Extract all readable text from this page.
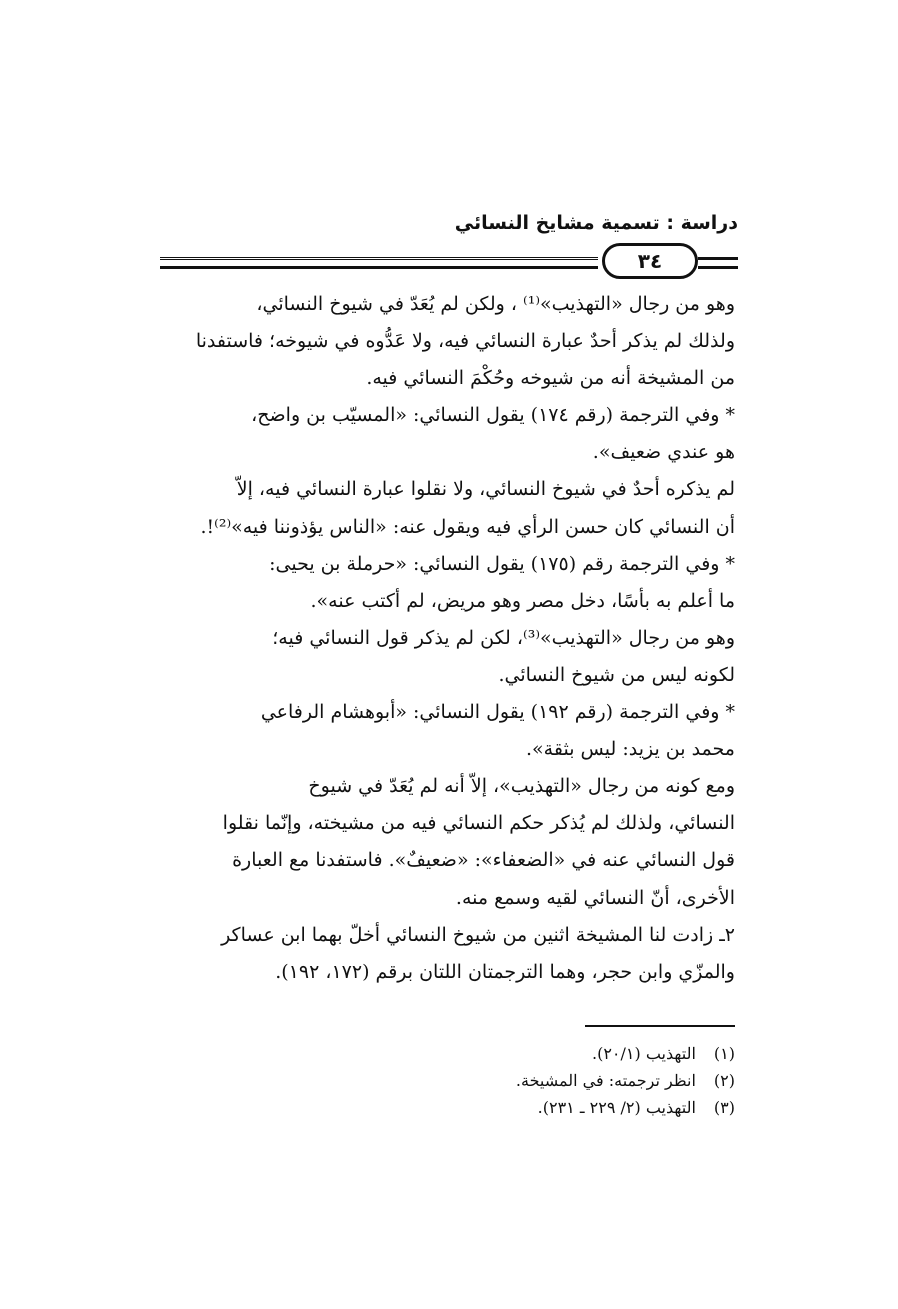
دراسة : تسمية مشايخ النسائي
٣٤

وهو من رجال «التهذيب»⁽¹⁾ ، ولكن لم يُعَدّ في شيوخ النسائي،
ولذلك لم يذكر أحدٌ عبارة النسائي فيه، ولا عَدُّوه في شيوخه؛ فاستفدنا
من المشيخة أنه من شيوخه وحُكْمَ النسائي فيه.

* وفي الترجمة (رقم ١٧٤) يقول النسائي: «المسيّب بن واضح،
هو عندي ضعيف».

لم يذكره أحدٌ في شيوخ النسائي، ولا نقلوا عبارة النسائي فيه، إلاّ
أن النسائي كان حسن الرأي فيه ويقول عنه: «الناس يؤذوننا فيه»⁽²⁾!.

* وفي الترجمة رقم (١٧٥) يقول النسائي: «حرملة بن يحيى:
ما أعلم به بأسًا، دخل مصر وهو مريض، لم أكتب عنه».

وهو من رجال «التهذيب»⁽³⁾، لكن لم يذكر قول النسائي فيه؛
لكونه ليس من شيوخ النسائي.

* وفي الترجمة (رقم ١٩٢) يقول النسائي: «أبوهشام الرفاعي
محمد بن يزيد: ليس بثقة».

ومع كونه من رجال «التهذيب»، إلاّ أنه لم يُعَدّ في شيوخ
النسائي، ولذلك لم يُذكر حكم النسائي فيه من مشيخته، وإنّما نقلوا
قول النسائي عنه في «الضعفاء»: «ضعيفٌ». فاستفدنا مع العبارة
الأخرى، أنّ النسائي لقيه وسمع منه.

٢ـ زادت لنا المشيخة اثنين من شيوخ النسائي أخلّ بهما ابن عساكر
والمزّي وابن حجر، وهما الترجمتان اللتان برقم (١٧٢، ١٩٢).

(١) التهذيب (٢٠/١).

(٢) انظر ترجمته: في المشيخة.

(٣) التهذيب (٢/ ٢٢٩ ـ ٢٣١).
